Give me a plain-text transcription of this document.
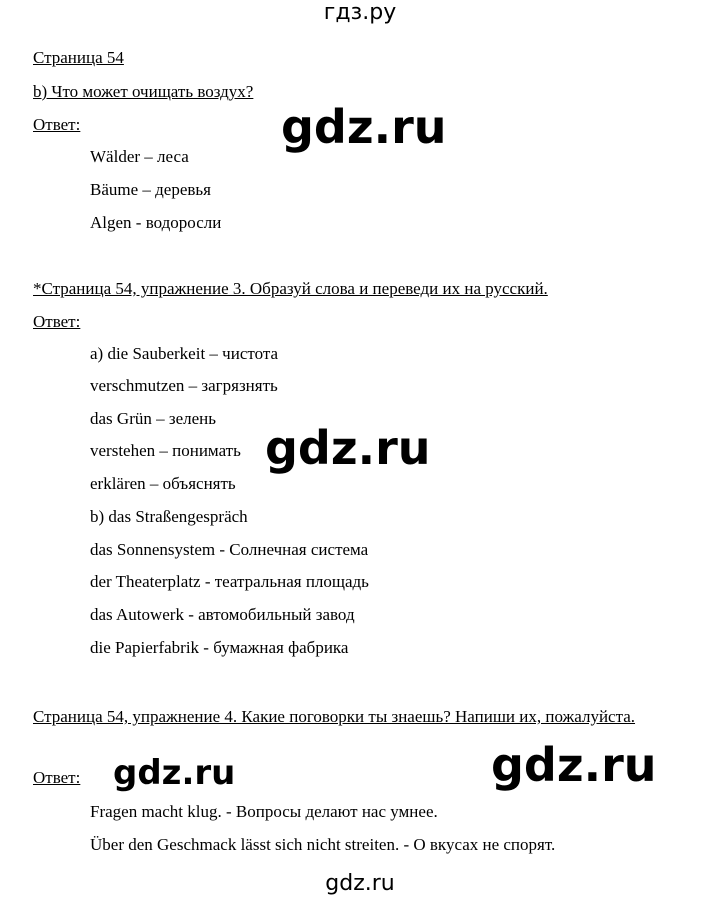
гдз.ру
Страница 54
b) Что может очищать воздух?
Ответ:
Wälder – леса
Bäume – деревья
Algen - водоросли
*Страница 54, упражнение 3. Образуй слова и переведи их на русский.
Ответ:
a) die Sauberkeit – чистота
verschmutzen – загрязнять
das Grün – зелень
verstehen – понимать
erklären – объяснять
b) das Straßengespräch
das Sonnensystem - Солнечная система
der Theaterplatz - театральная площадь
das Autowerk - автомобильный завод
die Papierfabrik - бумажная фабрика
Страница 54, упражнение 4. Какие поговорки ты знаешь? Напиши их, пожалуйста.
Ответ:
Fragen macht klug. - Вопросы делают нас умнее.
Über den Geschmack lässt sich nicht streiten. - О вкусах не спорят.
gdz.ru
gdz.ru
gdz.ru	gdz.ru
gdz.ru
